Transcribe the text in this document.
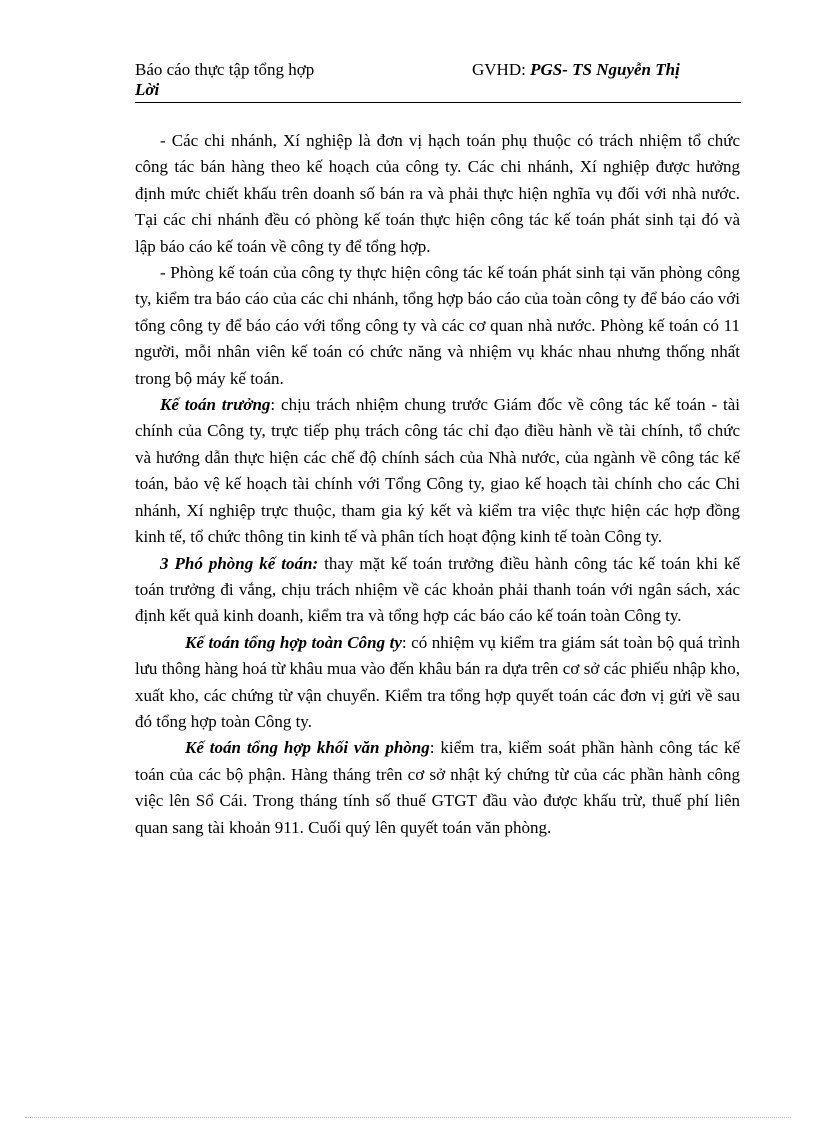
Báo cáo thực tập tổng hợp	GVHD: PGS- TS Nguyễn Thị
Lời

- Các chi nhánh, Xí nghiệp là đơn vị hạch toán phụ thuộc có trách nhiệm tổ chức công tác bán hàng theo kế hoạch của công ty. Các chi nhánh, Xí nghiệp được hưởng định mức chiết khấu trên doanh số bán ra và phải thực hiện nghĩa vụ đối với nhà nước. Tại các chi nhánh đều có phòng kế toán thực hiện công tác kế toán phát sinh tại đó và lập báo cáo kế toán về công ty để tổng hợp.

- Phòng kế toán của công ty thực hiện công tác kế toán phát sinh tại văn phòng công ty, kiểm tra báo cáo của các chi nhánh, tổng hợp báo cáo của toàn công ty để báo cáo với tổng công ty để báo cáo với tổng công ty và các cơ quan nhà nước. Phòng kế toán có 11 người, mỗi nhân viên kế toán có chức năng và nhiệm vụ khác nhau nhưng thống nhất trong bộ máy kế toán.

Kế toán trưởng: chịu trách nhiệm chung trước Giám đốc về công tác kế toán - tài chính của Công ty, trực tiếp phụ trách công tác chỉ đạo điều hành về tài chính, tổ chức và hướng dẫn thực hiện các chế độ chính sách của Nhà nước, của ngành về công tác kế toán, bảo vệ kế hoạch tài chính với Tổng Công ty, giao kế hoạch tài chính cho các Chi nhánh, Xí nghiệp trực thuộc, tham gia ký kết và kiểm tra việc thực hiện các hợp đồng kinh tế, tổ chức thông tin kinh tế và phân tích hoạt động kinh tế toàn Công ty.

3 Phó phòng kế toán: thay mặt kế toán trưởng điều hành công tác kế toán khi kế toán trưởng đi vắng, chịu trách nhiệm về các khoản phải thanh toán với ngân sách, xác định kết quả kinh doanh, kiểm tra và tổng hợp các báo cáo kế toán toàn Công ty.

Kế toán tổng hợp toàn Công ty: có nhiệm vụ kiểm tra giám sát toàn bộ quá trình lưu thông hàng hoá từ khâu mua vào đến khâu bán ra dựa trên cơ sở các phiếu nhập kho, xuất kho, các chứng từ vận chuyển. Kiểm tra tổng hợp quyết toán các đơn vị gửi về sau đó tổng hợp toàn Công ty.

Kế toán tổng hợp khối văn phòng: kiểm tra, kiểm soát phần hành công tác kế toán của các bộ phận. Hàng tháng trên cơ sở nhật ký chứng từ của các phần hành công việc lên Sổ Cái. Trong tháng tính số thuế GTGT đầu vào được khấu trừ, thuế phí liên quan sang tài khoản 911. Cuối quý lên quyết toán văn phòng.
